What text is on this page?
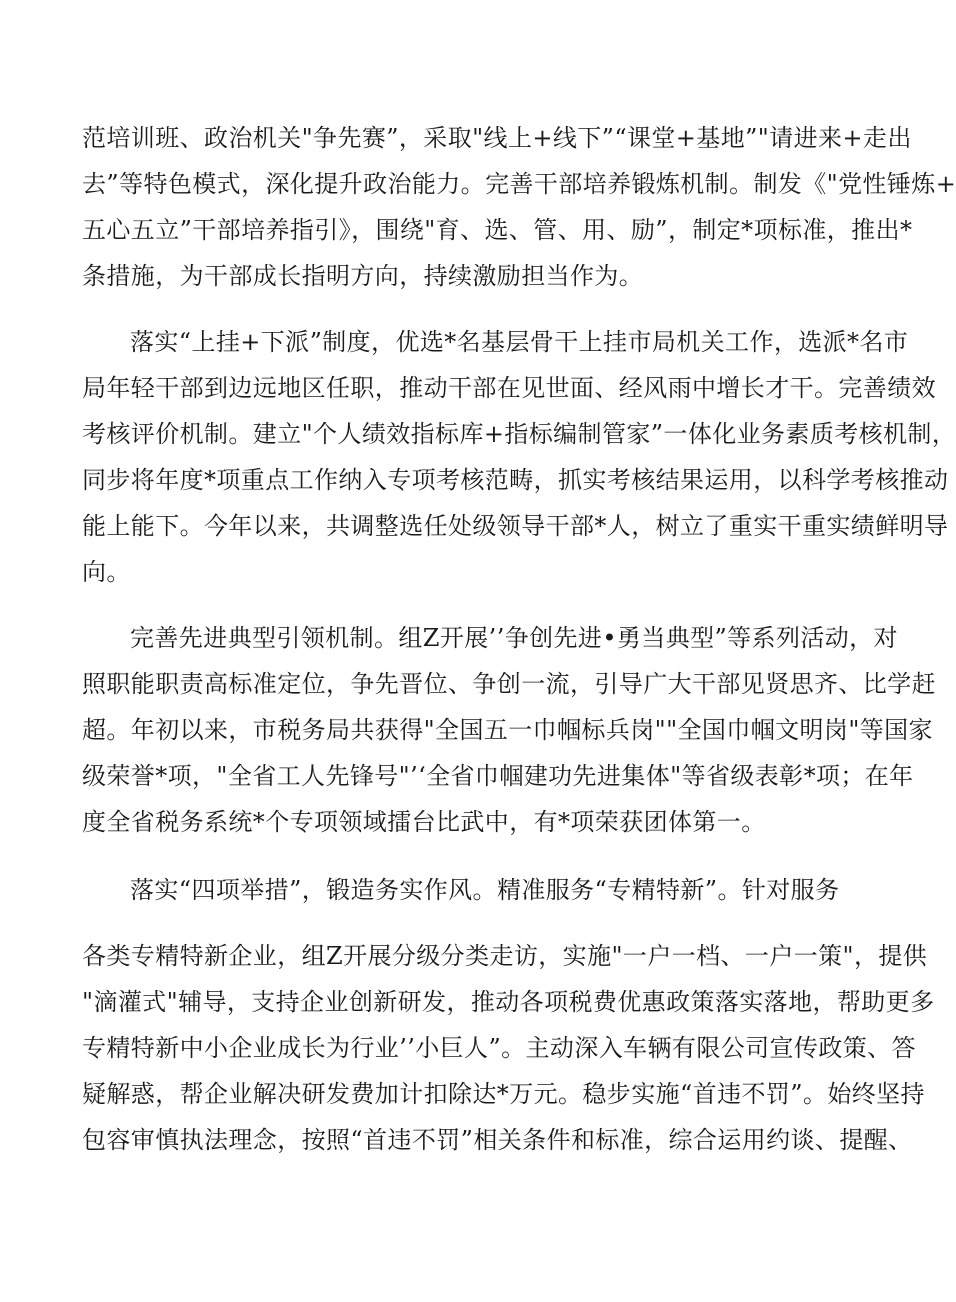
范培训班、政治机关"争先赛”，采取"线上+线下”“课堂+基地”"请进来+走出
去”等特色模式，深化提升政治能力。完善干部培养锻炼机制。制发《"党性锤炼+
五心五立”干部培养指引》，围绕"育、选、管、用、励”，制定*项标准，推出*
条措施，为干部成长指明方向，持续激励担当作为。
落实“上挂+下派”制度，优选*名基层骨干上挂市局机关工作，选派*名市
局年轻干部到边远地区任职，推动干部在见世面、经风雨中增长才干。完善绩效
考核评价机制。建立"个人绩效指标库+指标编制管家”一体化业务素质考核机制，
同步将年度*项重点工作纳入专项考核范畴，抓实考核结果运用，以科学考核推动
能上能下。今年以来，共调整选任处级领导干部*人，树立了重实干重实绩鲜明导
向。
完善先进典型引领机制。组Z开展’’争创先进•勇当典型”等系列活动，对
照职能职责高标准定位，争先晋位、争创一流，引导广大干部见贤思齐、比学赶
超。年初以来，市税务局共获得"全国五一巾帼标兵岗""全国巾帼文明岗"等国家
级荣誉*项，"全省工人先锋号"’‘全省巾帼建功先进集体"等省级表彰*项；在年
度全省税务系统*个专项领域擂台比武中，有*项荣获团体第一。
落实“四项举措”，锻造务实作风。精准服务“专精特新”。针对服务
各类专精特新企业，组Z开展分级分类走访，实施"一户一档、一户一策"，提供
"滴灌式"辅导，支持企业创新研发，推动各项税费优惠政策落实落地，帮助更多
专精特新中小企业成长为行业’’小巨人”。主动深入车辆有限公司宣传政策、答
疑解惑，帮企业解决研发费加计扣除达*万元。稳步实施“首违不罚”。始终坚持
包容审慎执法理念，按照“首违不罚”相关条件和标准，综合运用约谈、提醒、
